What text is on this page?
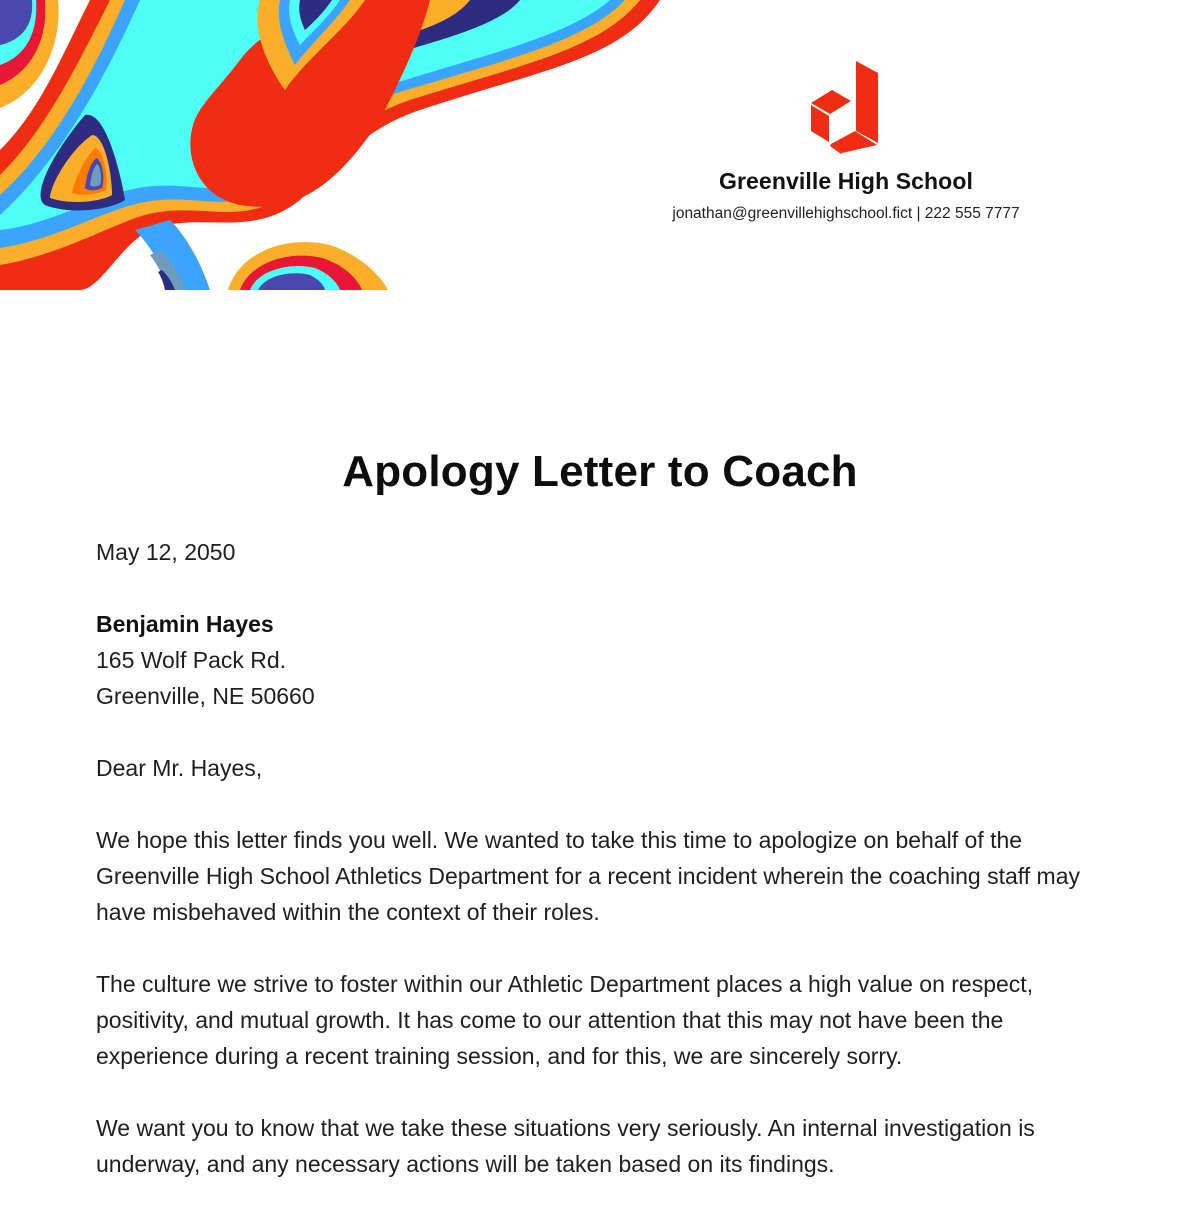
Greenville High School
jonathan@greenvillehighschool.fict | 222 555 7777
Apology Letter to Coach

May 12, 2050

Benjamin Hayes

165 Wolf Pack Rd.

Greenville, NE 50660

Dear Mr. Hayes,

We hope this letter finds you well. We wanted to take this time to apologize on behalf of the Greenville High School Athletics Department for a recent incident wherein the coaching staff may have misbehaved within the context of their roles.

The culture we strive to foster within our Athletic Department places a high value on respect, positivity, and mutual growth. It has come to our attention that this may not have been the experience during a recent training session, and for this, we are sincerely sorry.

We want you to know that we take these situations very seriously. An internal investigation is underway, and any necessary actions will be taken based on its findings.
